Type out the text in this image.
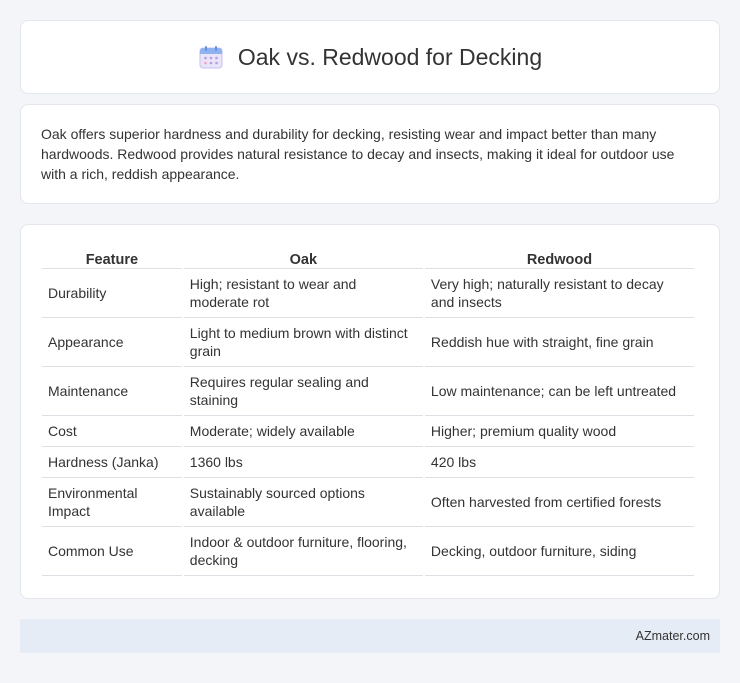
Oak vs. Redwood for Decking

Oak offers superior hardness and durability for decking, resisting wear and impact better than many hardwoods. Redwood provides natural resistance to decay and insects, making it ideal for outdoor use with a rich, reddish appearance.

Feature	Oak	Redwood
Durability	High; resistant to wear and moderate rot	Very high; naturally resistant to decay and insects
Appearance	Light to medium brown with distinct grain	Reddish hue with straight, fine grain
Maintenance	Requires regular sealing and staining	Low maintenance; can be left untreated
Cost	Moderate; widely available	Higher; premium quality wood
Hardness (Janka)	1360 lbs	420 lbs
Environmental Impact	Sustainably sourced options available	Often harvested from certified forests
Common Use	Indoor & outdoor furniture, flooring, decking	Decking, outdoor furniture, siding
AZmater.com
